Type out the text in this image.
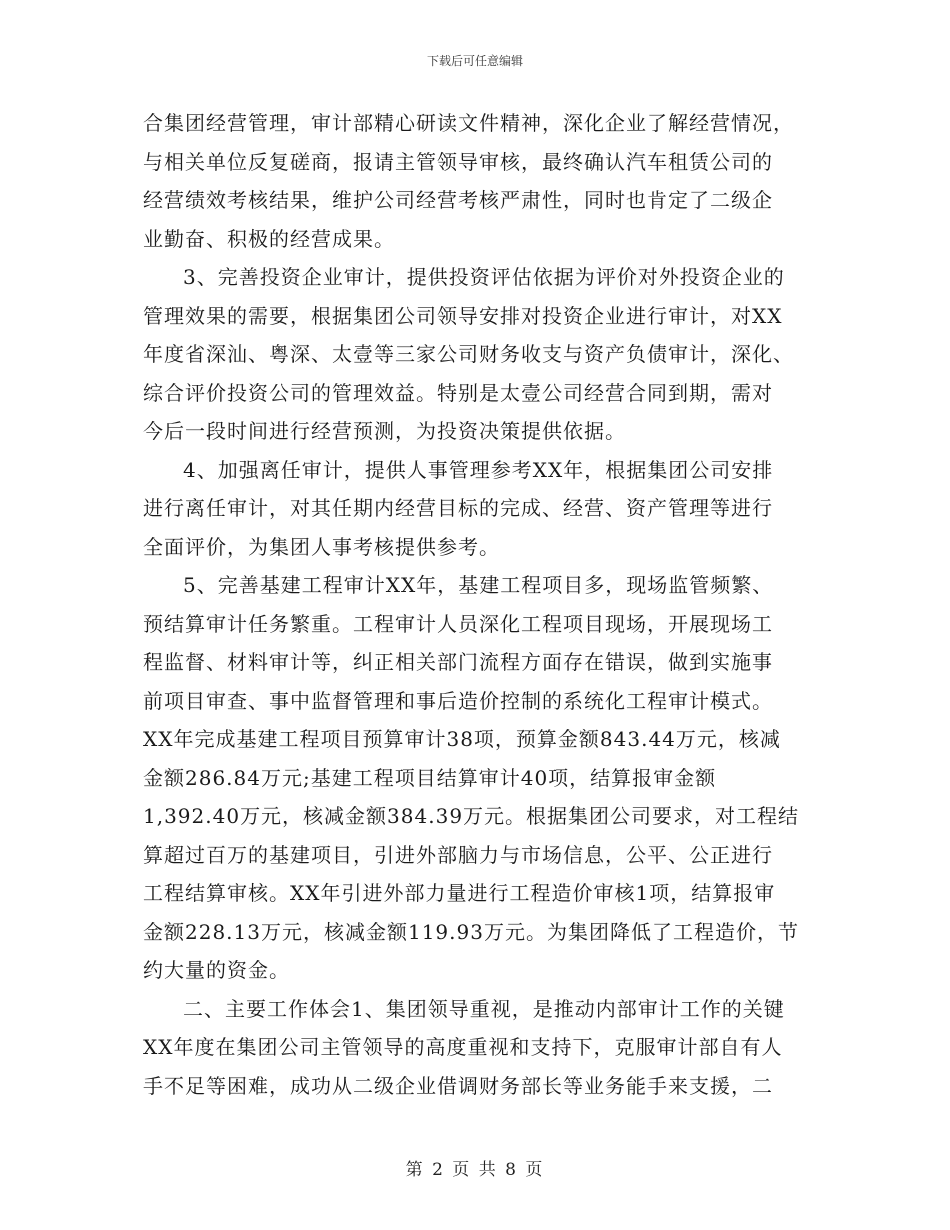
下载后可任意编辑
合集团经营管理，审计部精心研读文件精神，深化企业了解经营情况，
与相关单位反复磋商，报请主管领导审核，最终确认汽车租赁公司的
经营绩效考核结果，维护公司经营考核严肃性，同时也肯定了二级企
业勤奋、积极的经营成果。
3、完善投资企业审计，提供投资评估依据为评价对外投资企业的
管理效果的需要，根据集团公司领导安排对投资企业进行审计，对XX
年度省深汕、粤深、太壹等三家公司财务收支与资产负债审计，深化、
综合评价投资公司的管理效益。特别是太壹公司经营合同到期，需对
今后一段时间进行经营预测，为投资决策提供依据。
4、加强离任审计，提供人事管理参考XX年，根据集团公司安排
进行离任审计，对其任期内经营目标的完成、经营、资产管理等进行
全面评价，为集团人事考核提供参考。
5、完善基建工程审计XX年，基建工程项目多，现场监管频繁、
预结算审计任务繁重。工程审计人员深化工程项目现场，开展现场工
程监督、材料审计等，纠正相关部门流程方面存在错误，做到实施事
前项目审查、事中监督管理和事后造价控制的系统化工程审计模式。
XX年完成基建工程项目预算审计38项，预算金额843.44万元，核减
金额286.84万元;基建工程项目结算审计40项，结算报审金额
1,392.40万元，核减金额384.39万元。根据集团公司要求，对工程结
算超过百万的基建项目，引进外部脑力与市场信息，公平、公正进行
工程结算审核。XX年引进外部力量进行工程造价审核1项，结算报审
金额228.13万元，核减金额119.93万元。为集团降低了工程造价，节
约大量的资金。
二、主要工作体会1、集团领导重视，是推动内部审计工作的关键
XX年度在集团公司主管领导的高度重视和支持下，克服审计部自有人
手不足等困难，成功从二级企业借调财务部长等业务能手来支援，二
第 2 页 共 8 页
